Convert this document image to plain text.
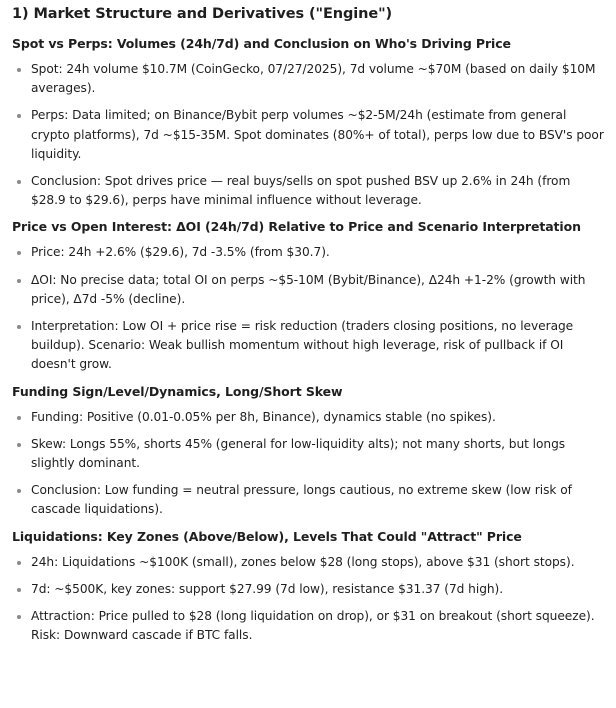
1) Market Structure and Derivatives ("Engine")
Spot vs Perps: Volumes (24h/7d) and Conclusion on Who's Driving Price
Spot: 24h volume $10.7M (CoinGecko, 07/27/2025), 7d volume ~$70M (based on daily $10M averages).
Perps: Data limited; on Binance/Bybit perp volumes ~$2-5M/24h (estimate from general crypto platforms), 7d ~$15-35M. Spot dominates (80%+ of total), perps low due to BSV's poor liquidity.
Conclusion: Spot drives price — real buys/sells on spot pushed BSV up 2.6% in 24h (from $28.9 to $29.6), perps have minimal influence without leverage.
Price vs Open Interest: ΔOI (24h/7d) Relative to Price and Scenario Interpretation
Price: 24h +2.6% ($29.6), 7d -3.5% (from $30.7).
ΔOI: No precise data; total OI on perps ~$5-10M (Bybit/Binance), Δ24h +1-2% (growth with price), Δ7d -5% (decline).
Interpretation: Low OI + price rise = risk reduction (traders closing positions, no leverage buildup). Scenario: Weak bullish momentum without high leverage, risk of pullback if OI doesn't grow.
Funding Sign/Level/Dynamics, Long/Short Skew
Funding: Positive (0.01-0.05% per 8h, Binance), dynamics stable (no spikes).
Skew: Longs 55%, shorts 45% (general for low-liquidity alts); not many shorts, but longs slightly dominant.
Conclusion: Low funding = neutral pressure, longs cautious, no extreme skew (low risk of cascade liquidations).
Liquidations: Key Zones (Above/Below), Levels That Could "Attract" Price
24h: Liquidations ~$100K (small), zones below $28 (long stops), above $31 (short stops).
7d: ~$500K, key zones: support $27.99 (7d low), resistance $31.37 (7d high).
Attraction: Price pulled to $28 (long liquidation on drop), or $31 on breakout (short squeeze). Risk: Downward cascade if BTC falls.
